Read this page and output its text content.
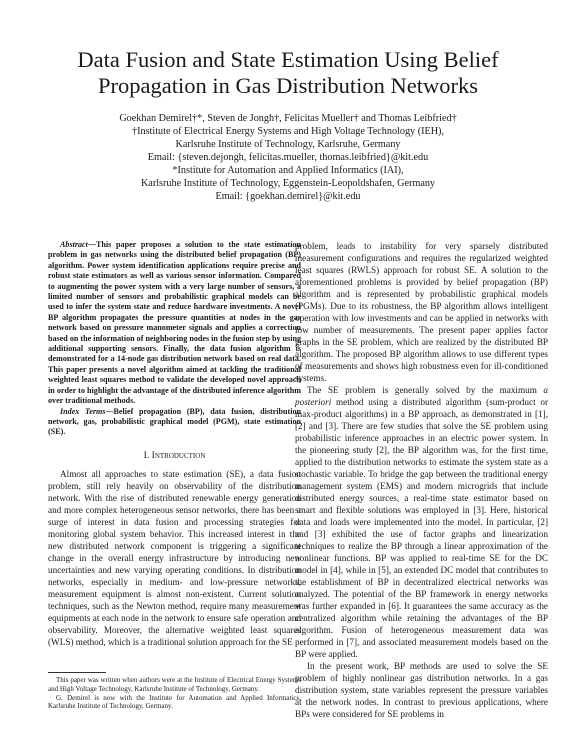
Data Fusion and State Estimation Using Belief
Propagation in Gas Distribution Networks
Goekhan Demirel†*, Steven de Jongh†, Felicitas Mueller† and Thomas Leibfried†
†Institute of Electrical Energy Systems and High Voltage Technology (IEH),
Karlsruhe Institute of Technology, Karlsruhe, Germany
Email: {steven.dejongh, felicitas.mueller, thomas.leibfried}@kit.edu
*Institute for Automation and Applied Informatics (IAI),
Karlsruhe Institute of Technology, Eggenstein-Leopoldshafen, Germany
Email: {goekhan.demirel}@kit.edu

Abstract—This paper proposes a solution to the state estimation problem in gas networks using the distributed belief propagation (BP) algorithm. Power system identification applications require precise and robust state estimators as well as various sensor information. Compared to augmenting the power system with a very large number of sensors, a limited number of sensors and probabilistic graphical models can be used to infer the system state and reduce hardware investments. A novel BP algorithm propagates the pressure quantities at nodes in the gas network based on pressure manometer signals and applies a correction based on the information of neighboring nodes in the fusion step by using additional supporting sensors. Finally, the data fusion algorithm is demonstrated for a 14-node gas distribution network based on real data. This paper presents a novel algorithm aimed at tackling the traditional weighted least squares method to validate the developed novel approach in order to highlight the advantage of the distributed inference algorithm over traditional methods.

Index Terms—Belief propagation (BP), data fusion, distribution network, gas, probabilistic graphical model (PGM), state estimation (SE).

I. Introduction

Almost all approaches to state estimation (SE), a data fusion problem, still rely heavily on observability of the distribution network. With the rise of distributed renewable energy generation and more complex heterogeneous sensor networks, there has been a surge of interest in data fusion and processing strategies for monitoring global system behavior. This increased interest in the new distributed network component is triggering a significant change in the overall energy infrastructure by introducing new uncertainties and new varying operating conditions. In distribution networks, especially in medium- and low-pressure networks, measurement equipment is almost non-existent. Current solution techniques, such as the Newton method, require many measurement equipments at each node in the network to ensure safe operation and observability. Moreover, the alternative weighted least squares (WLS) method, which is a traditional solution approach for the SE

problem, leads to instability for very sparsely distributed measurement configurations and requires the regularized weighted least squares (RWLS) approach for robust SE. A solution to the aforementioned problems is provided by belief propagation (BP) algorithm and is represented by probabilistic graphical models (PGMs). Due to its robustness, the BP algorithm allows intelligent operation with low investments and can be applied in networks with low number of measurements. The present paper applies factor graphs in the SE problem, which are realized by the distributed BP algorithm. The proposed BP algorithm allows to use different types of measurements and shows high robustness even for ill-conditioned systems.

The SE problem is generally solved by the maximum a posteriori method using a distributed algorithm (sum-product or max-product algorithms) in a BP approach, as demonstrated in [1], [2] and [3]. There are few studies that solve the SE problem using probabilistic inference approaches in an electric power system. In the pioneering study [2], the BP algorithm was, for the first time, applied to the distribution networks to estimate the system state as a stochastic variable. To bridge the gap between the traditional energy management system (EMS) and modern microgrids that include distributed energy sources, a real-time state estimator based on smart and flexible solutions was employed in [3]. Here, historical data and loads were implemented into the model. In particular, [2] and [3] exhibited the use of factor graphs and linearization techniques to realize the BP through a linear approximation of the nonlinear functions. BP was applied to real-time SE for the DC model in [4], while in [5], an extended DC model that contributes to the establishment of BP in decentralized electrical networks was analyzed. The potential of the BP framework in energy networks was further expanded in [6]. It guarantees the same accuracy as the centralized algorithm while retaining the advantages of the BP algorithm. Fusion of heterogeneous measurement data was performed in [7], and associated measurement models based on the BP were applied.

In the present work, BP methods are used to solve the SE problem of highly nonlinear gas distribution networks. In a gas distribution system, state variables represent the pressure variables at the network nodes. In contrast to previous applications, where BPs were considered for SE problems in

This paper was written when authors were at the Institute of Electrical Energy Systems and High Voltage Technology, Karlsruhe Institute of Technology, Germany.

G. Demirel is now with the Institute for Automation and Applied Informatics, Karlsruhe Institute of Technology, Germany.
